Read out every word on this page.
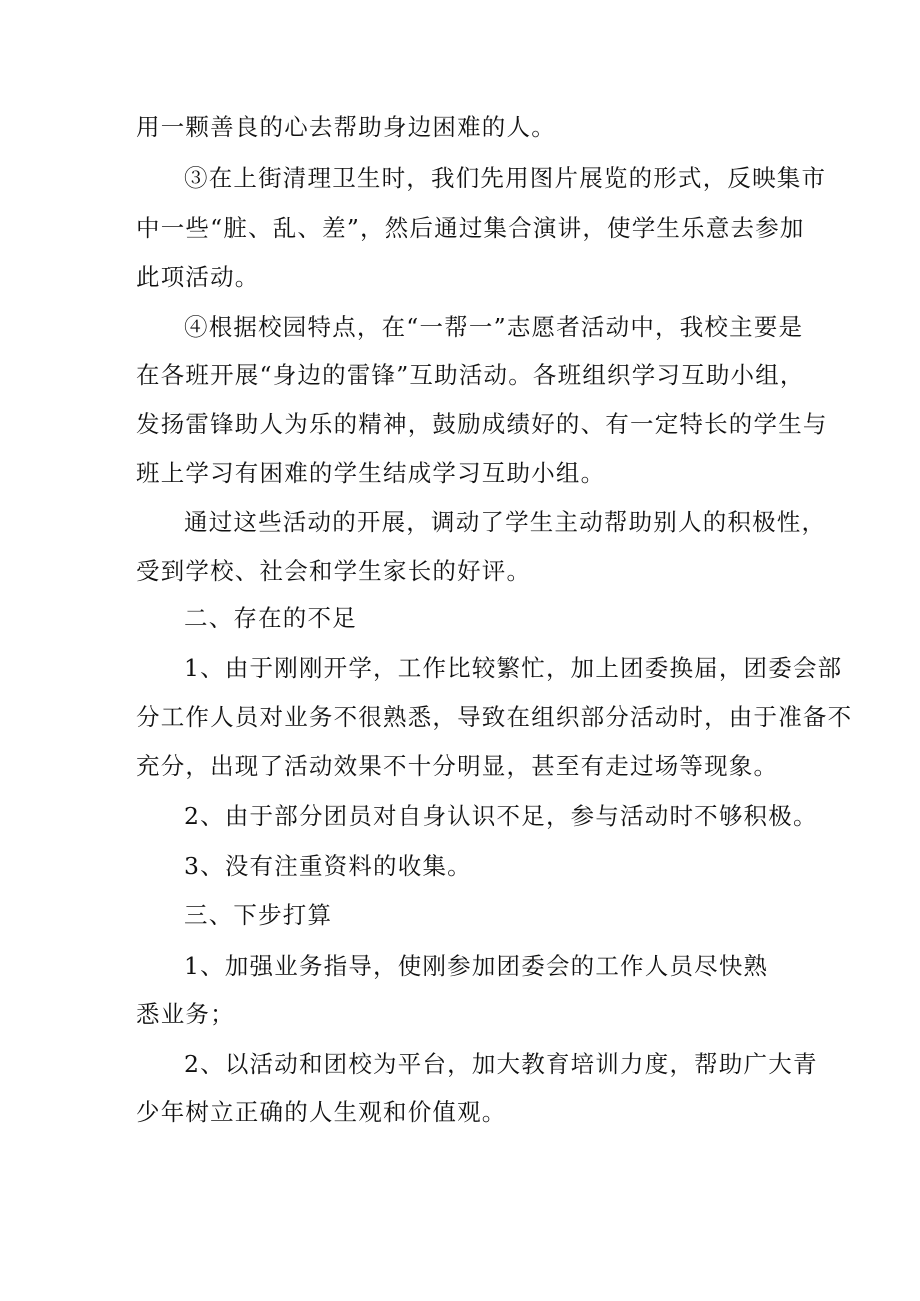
用一颗善良的心去帮助身边困难的人。
③在上街清理卫生时，我们先用图片展览的形式，反映集市
中一些“脏、乱、差”，然后通过集合演讲，使学生乐意去参加
此项活动。
④根据校园特点，在“一帮一”志愿者活动中，我校主要是
在各班开展“身边的雷锋”互助活动。各班组织学习互助小组，
发扬雷锋助人为乐的精神，鼓励成绩好的、有一定特长的学生与
班上学习有困难的学生结成学习互助小组。
通过这些活动的开展，调动了学生主动帮助别人的积极性，
受到学校、社会和学生家长的好评。
二、存在的不足
1、由于刚刚开学，工作比较繁忙，加上团委换届，团委会部
分工作人员对业务不很熟悉，导致在组织部分活动时，由于准备不
充分，出现了活动效果不十分明显，甚至有走过场等现象。
2、由于部分团员对自身认识不足，参与活动时不够积极。
3、没有注重资料的收集。
三、下步打算
1、加强业务指导，使刚参加团委会的工作人员尽快熟
悉业务；
2、以活动和团校为平台，加大教育培训力度，帮助广大青
少年树立正确的人生观和价值观。
